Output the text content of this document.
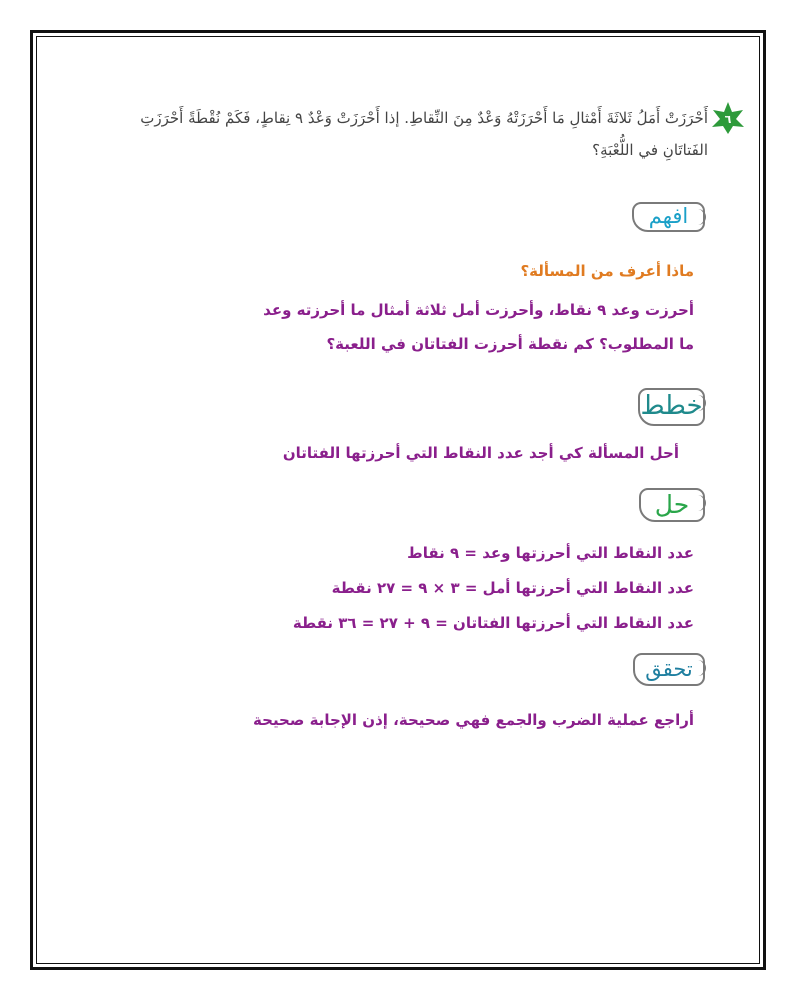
٦
أَحْرَزَتْ أَمَلُ ثَلاثَةَ أَمْثالِ مَا أَحْرَزَتْهُ وَعْدٌ مِنَ النِّقاطِ. إذا أَحْرَزَتْ وَعْدٌ ٩ نِقاطٍ، فَكَمْ نُقْطَةً أَحْرَزَتِ
الفَتاتَانِ في اللُّعْبَةِ؟
افهم
ماذا أعرف من المسألة؟
أحرزت وعد ٩ نقاط، وأحرزت أمل ثلاثة أمثال ما أحرزته وعد
ما المطلوب؟ كم نقطة أحرزت الفتاتان في اللعبة؟
خطط
أحل المسألة كي أجد عدد النقاط التي أحرزتها الفتاتان
حل
عدد النقاط التي أحرزتها وعد = ٩ نقاط
عدد النقاط التي أحرزتها أمل = ٣ × ٩ = ٢٧ نقطة
عدد النقاط التي أحرزتها الفتاتان = ٩ + ٢٧ = ٣٦ نقطة
تحقق
أراجع عملية الضرب والجمع فهي صحيحة، إذن الإجابة صحيحة
